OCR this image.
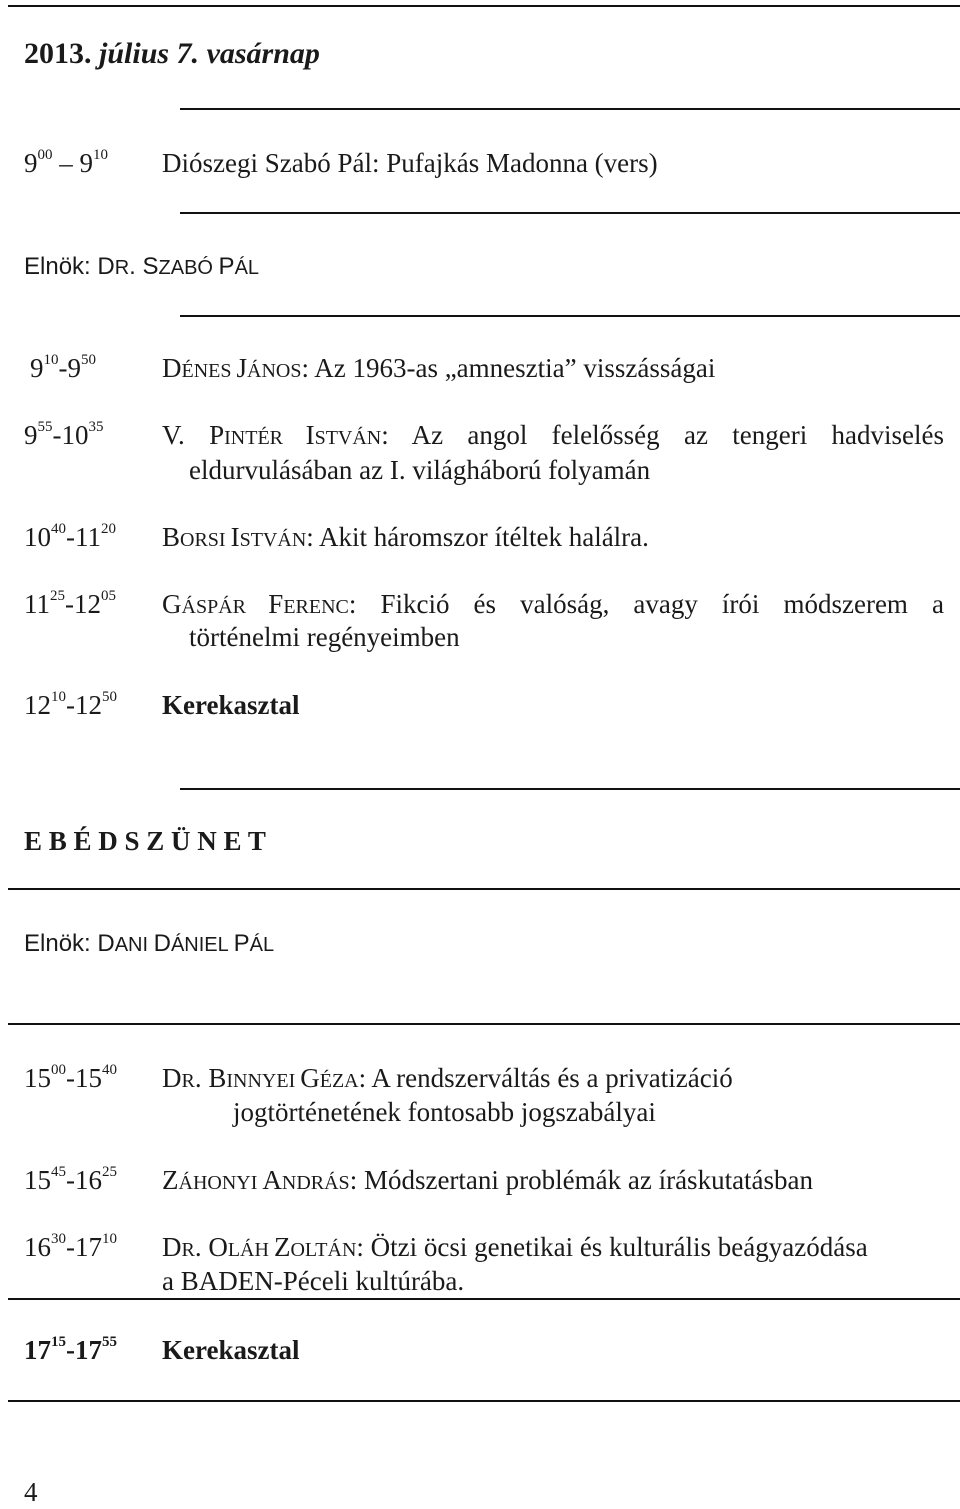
2013. július 7. vasárnap
$9^{00} - 9^{10}$ Diószegi Szabó Pál: Pufajkás Madonna (vers)
Elnök: DR. SZABÓ PÁL
$9^{10}-9^{50}$ DÉNES JÁNOS: Az 1963-as „amnesztia” visszásságai
$9^{55}-10^{35}$ V. PINTÉR ISTVÁN: Az angol felelősség az tengeri hadviselés
eldurvulásában az I. világháború folyamán
$10^{40}-11^{20}$ BORSI ISTVÁN: Akit háromszor ítéltek halálra.
$11^{25}-12^{05}$ GÁSPÁR FERENC: Fikció és valóság, avagy írói módszerem a
történelmi regényeimben
$12^{10}-12^{50}$ Kerekasztal
E B É D S Z Ü N E T
Elnök: DANI DÁNIEL PÁL
$15^{00}-15^{40}$ DR. BINNYEI GÉZA: A rendszerváltás és a privatizáció
jogtörténetének fontosabb jogszabályai
$15^{45}-16^{25}$ ZÁHONYI ANDRÁS: Módszertani problémák az íráskutatásban
$16^{30}-17^{10}$ DR. OLÁH ZOLTÁN: Ötzi öcsi genetikai és kulturális beágyazódása
a BADEN-Péceli kultúrába.
$17^{15}-17^{55}$ Kerekasztal
4
